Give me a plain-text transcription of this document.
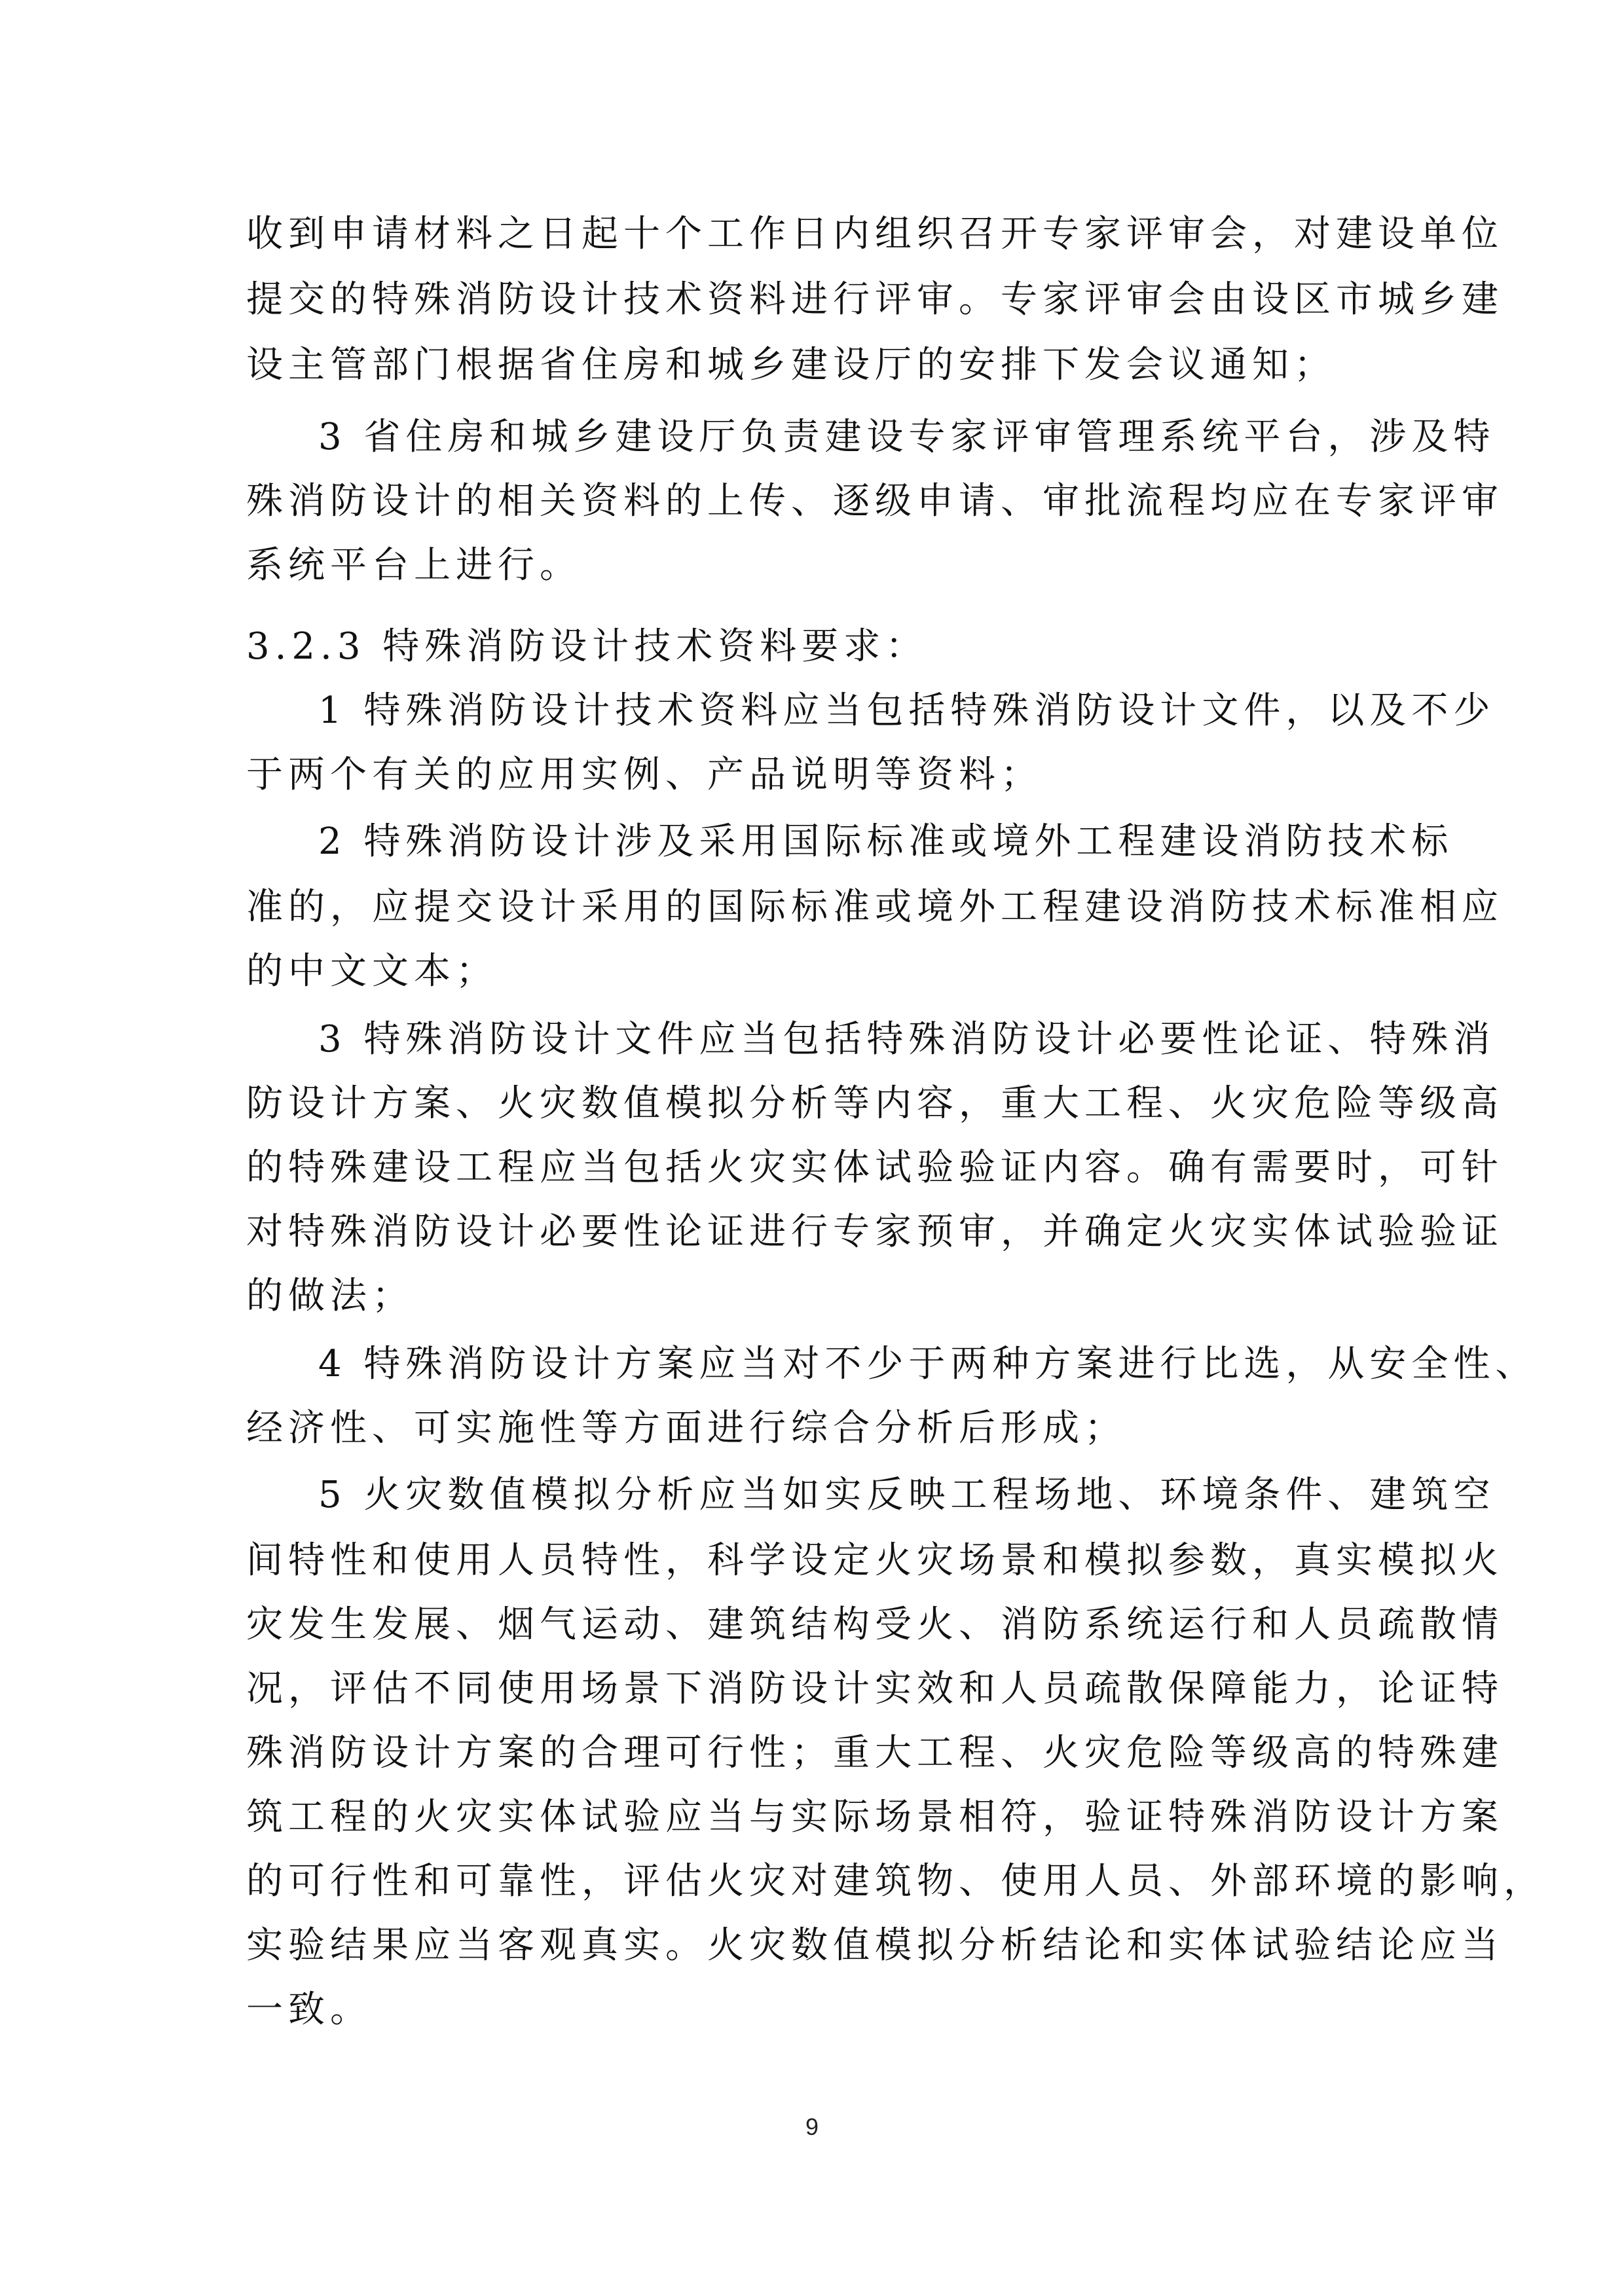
收到申请材料之日起十个工作日内组织召开专家评审会，对建设单位
提交的特殊消防设计技术资料进行评审。专家评审会由设区市城乡建
设主管部门根据省住房和城乡建设厅的安排下发会议通知；
3 省住房和城乡建设厅负责建设专家评审管理系统平台，涉及特
殊消防设计的相关资料的上传、逐级申请、审批流程均应在专家评审
系统平台上进行。
3.2.3 特殊消防设计技术资料要求：
1 特殊消防设计技术资料应当包括特殊消防设计文件，以及不少
于两个有关的应用实例、产品说明等资料；
2 特殊消防设计涉及采用国际标准或境外工程建设消防技术标
准的，应提交设计采用的国际标准或境外工程建设消防技术标准相应
的中文文本；
3 特殊消防设计文件应当包括特殊消防设计必要性论证、特殊消
防设计方案、火灾数值模拟分析等内容，重大工程、火灾危险等级高
的特殊建设工程应当包括火灾实体试验验证内容。确有需要时，可针
对特殊消防设计必要性论证进行专家预审，并确定火灾实体试验验证
的做法；
4 特殊消防设计方案应当对不少于两种方案进行比选，从安全性、
经济性、可实施性等方面进行综合分析后形成；
5 火灾数值模拟分析应当如实反映工程场地、环境条件、建筑空
间特性和使用人员特性，科学设定火灾场景和模拟参数，真实模拟火
灾发生发展、烟气运动、建筑结构受火、消防系统运行和人员疏散情
况，评估不同使用场景下消防设计实效和人员疏散保障能力，论证特
殊消防设计方案的合理可行性；重大工程、火灾危险等级高的特殊建
筑工程的火灾实体试验应当与实际场景相符，验证特殊消防设计方案
的可行性和可靠性，评估火灾对建筑物、使用人员、外部环境的影响，
实验结果应当客观真实。火灾数值模拟分析结论和实体试验结论应当
一致。
9
